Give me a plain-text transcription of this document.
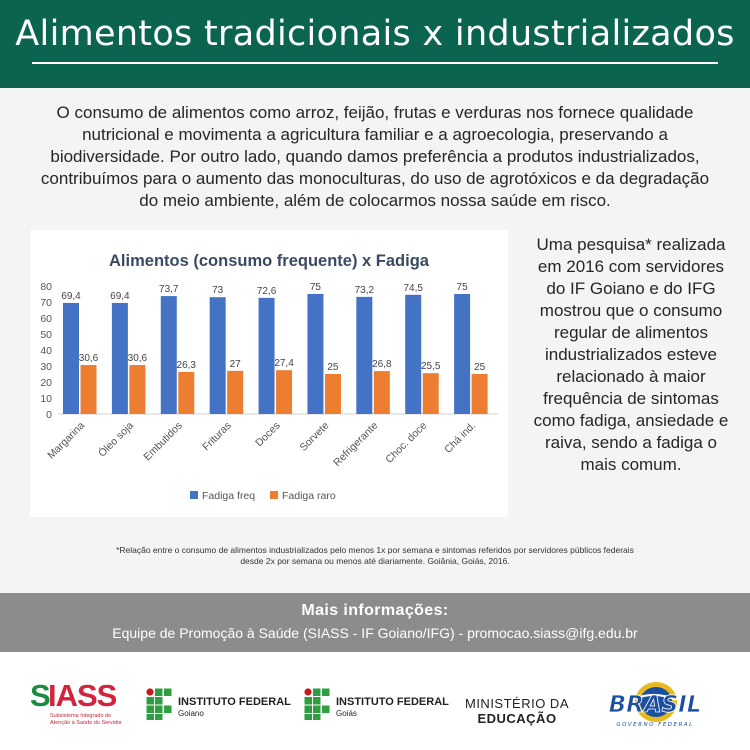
Alimentos tradicionais x industrializados

O consumo de alimentos como arroz, feijão, frutas e verduras nos fornece qualidade nutricional e movimenta a agricultura familiar e a agroecologia, preservando a biodiversidade. Por outro lado, quando damos preferência a produtos industrializados, contribuímos para o aumento das monoculturas, do uso de agrotóxicos e da degradação do meio ambiente, além de colocarmos nossa saúde em risco.

Alimentos (consumo frequente) x Fadiga
0
10
20
30
40
50
60
70
80
69,4
30,6
Margarina
69,4
30,6
Óleo soja
73,7
26,3
Embutidos
73
27
Frituras
72,6
27,4
Doces
75
25
Sorvete
73,2
26,8
Refrigerante
74,5
25,5
Choc. doce
75
25
Chá ind.
Fadiga freq	Fadiga raro

Uma pesquisa* realizada em 2016 com servidores do IF Goiano e do IFG mostrou que o consumo regular de alimentos industrializados esteve relacionado à maior frequência de sintomas como fadiga, ansiedade e raiva, sendo a fadiga o mais comum.

*Relação entre o consumo de alimentos industrializados pelo menos 1x por semana e sintomas referidos por servidores públicos federais
desde 2x por semana ou menos até diariamente. Goiânia, Goiás, 2016.
Mais informações:
Equipe de Promoção à Saúde (SIASS - IF Goiano/IFG) - promocao.siass@ifg.edu.br
S
IASS
Subsistema Integrado de Atenção à Saúde do Servidor
INSTITUTO FEDERAL
Goiano
INSTITUTO FEDERAL
Goiás
MINISTÉRIO DA
EDUCAÇÃO
BRASIL
GOVERNO FEDERAL
